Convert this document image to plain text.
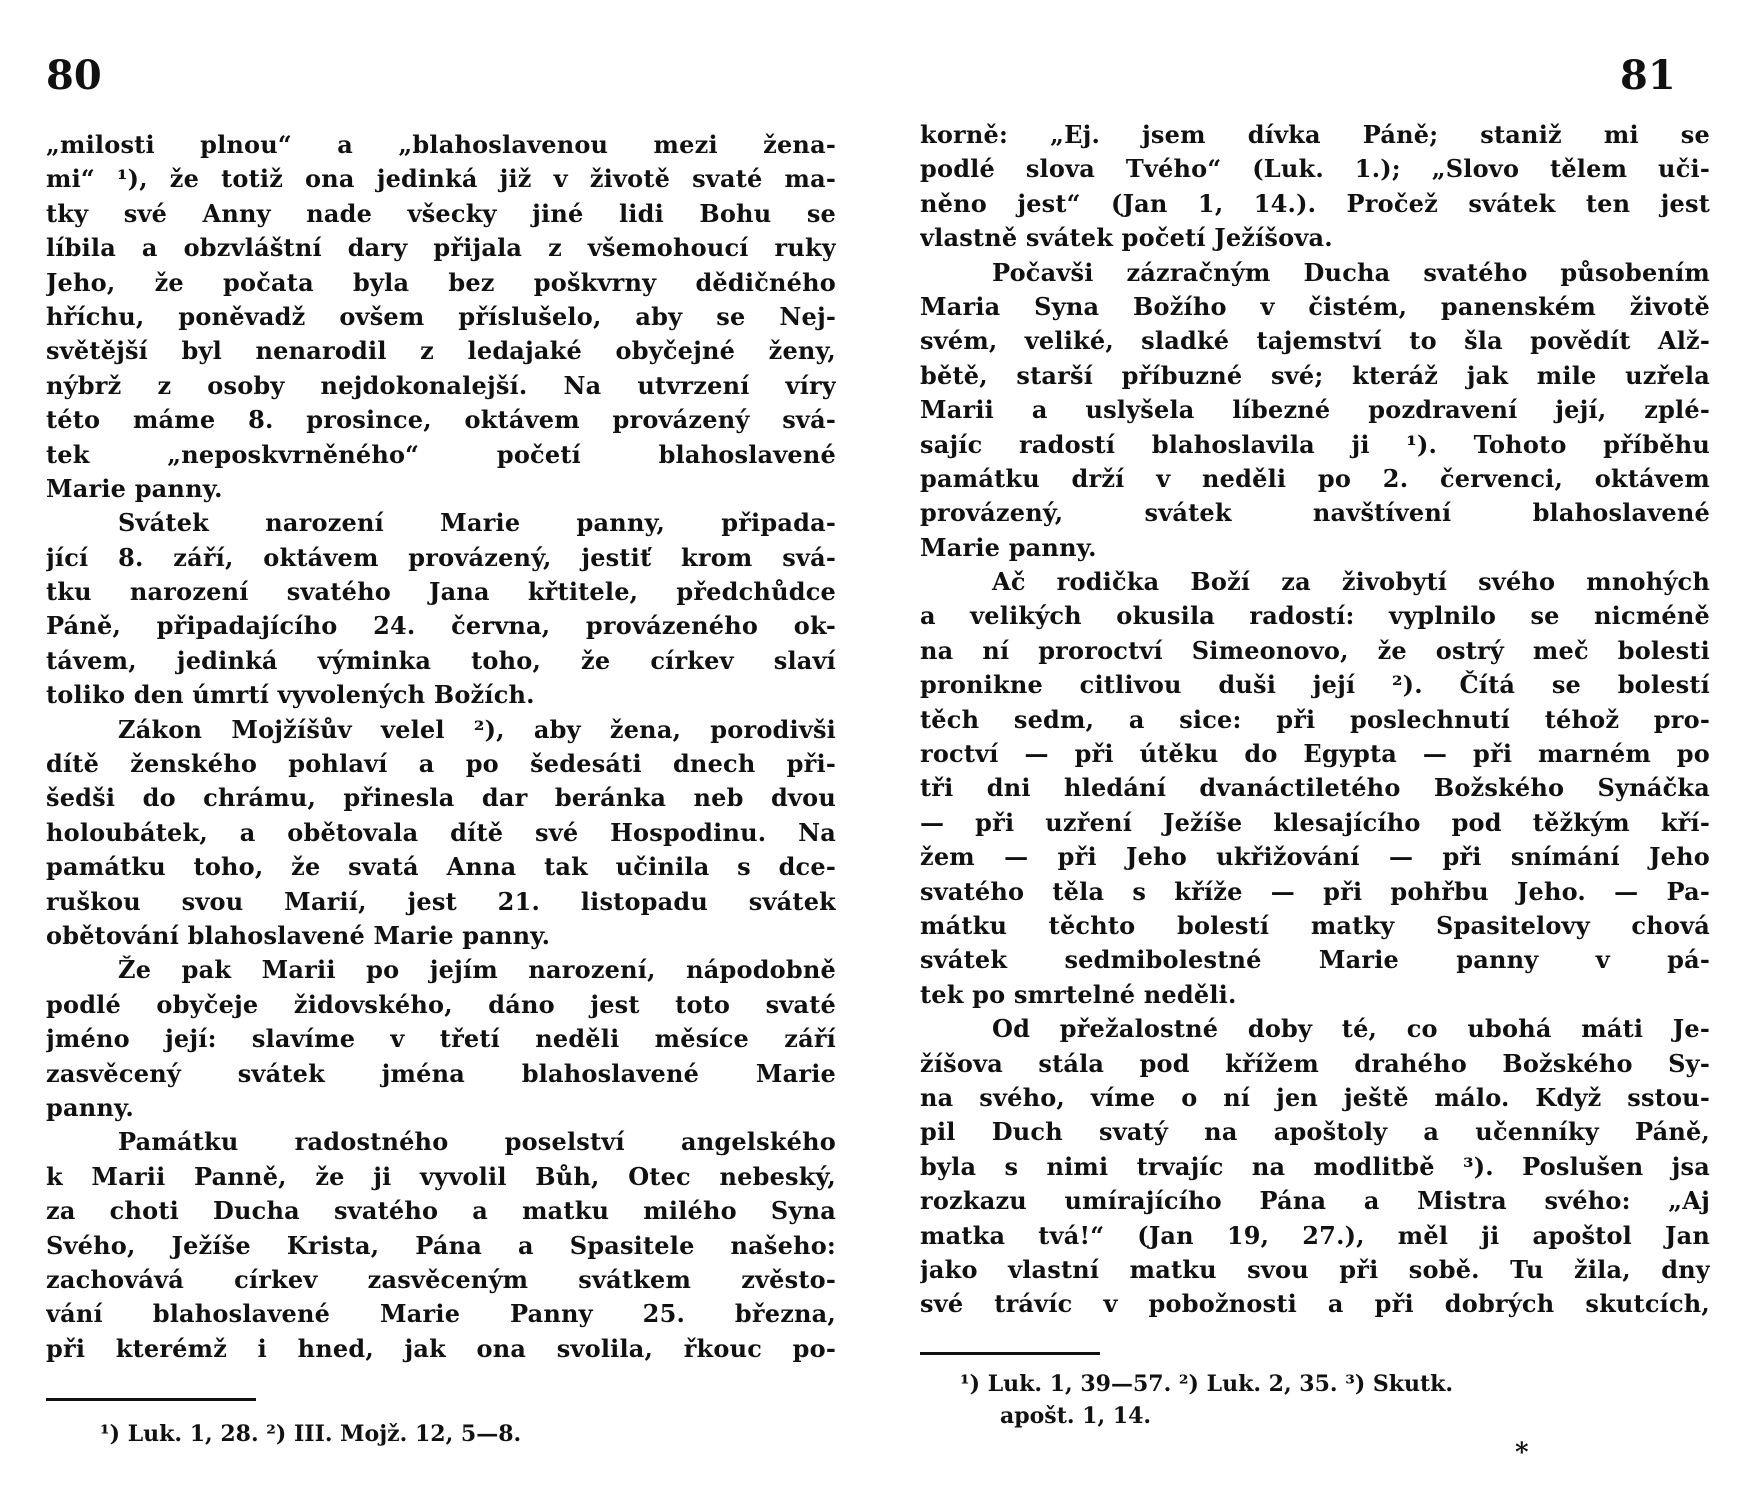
80	81
„milosti plnou“ a „blahoslavenou mezi žena-
mi“ ¹), že totiž ona jedinká již v životě svaté ma-
tky své Anny nade všecky jiné lidi Bohu se
líbila a obzvláštní dary přijala z všemohoucí ruky
Jeho, že počata byla bez poškvrny dědičného
hříchu, poněvadž ovšem příslušelo, aby se Nej-
světější byl nenarodil z ledajaké obyčejné ženy,
nýbrž z osoby nejdokonalejší. Na utvrzení víry
této máme 8. prosince, oktávem provázený svá-
tek „neposkvrněného“ početí blahoslavené
Marie panny.
Svátek narození Marie panny, připada-
jící 8. září, oktávem provázený, jestiť krom svá-
tku narození svatého Jana křtitele, předchůdce
Páně, připadajícího 24. června, provázeného ok-
távem, jedinká výminka toho, že církev slaví
toliko den úmrtí vyvolených Božích.
Zákon Mojžíšův velel ²), aby žena, porodivši
dítě ženského pohlaví a po šedesáti dnech při-
šedši do chrámu, přinesla dar beránka neb dvou
holoubátek, a obětovala dítě své Hospodinu. Na
památku toho, že svatá Anna tak učinila s dce-
ruškou svou Marií, jest 21. listopadu svátek
obětování blahoslavené Marie panny.
Že pak Marii po jejím narození, nápodobně
podlé obyčeje židovského, dáno jest toto svaté
jméno její: slavíme v třetí neděli měsíce září
zasvěcený svátek jména blahoslavené Marie
panny.
Památku radostného poselství angelského
k Marii Panně, že ji vyvolil Bůh, Otec nebeský,
za choti Ducha svatého a matku milého Syna
Svého, Ježíše Krista, Pána a Spasitele našeho:
zachovává církev zasvěceným svátkem zvěsto-
vání blahoslavené Marie Panny 25. března,
při kterémž i hned, jak ona svolila, řkouc po-
korně: „Ej. jsem dívka Páně; staniž mi se
podlé slova Tvého“ (Luk. 1.); „Slovo tělem uči-
něno jest“ (Jan 1, 14.). Pročež svátek ten jest
vlastně svátek početí Ježíšova.
Počavši zázračným Ducha svatého působením
Maria Syna Božího v čistém, panenském životě
svém, veliké, sladké tajemství to šla povědít Alž-
bětě, starší příbuzné své; kteráž jak mile uzřela
Marii a uslyšela líbezné pozdravení její, zplé-
sajíc radostí blahoslavila ji ¹). Tohoto příběhu
památku drží v neděli po 2. červenci, oktávem
provázený, svátek navštívení blahoslavené
Marie panny.
Ač rodička Boží za živobytí svého mnohých
a velikých okusila radostí: vyplnilo se nicméně
na ní proroctví Simeonovo, že ostrý meč bolesti
pronikne citlivou duši její ²). Čítá se bolestí
těch sedm, a sice: při poslechnutí téhož pro-
roctví — při útěku do Egypta — při marném po
tři dni hledání dvanáctiletého Božského Synáčka
— při uzření Ježíše klesajícího pod těžkým kří-
žem — při Jeho ukřižování — při snímání Jeho
svatého těla s kříže — při pohřbu Jeho. — Pa-
mátku těchto bolestí matky Spasitelovy chová
svátek sedmibolestné Marie panny v pá-
tek po smrtelné neděli.
Od přežalostné doby té, co ubohá máti Je-
žíšova stála pod křížem drahého Božského Sy-
na svého, víme o ní jen ještě málo. Když sstou-
pil Duch svatý na apoštoly a učenníky Páně,
byla s nimi trvajíc na modlitbě ³). Poslušen jsa
rozkazu umírajícího Pána a Mistra svého: „Aj
matka tvá!“ (Jan 19, 27.), měl ji apoštol Jan
jako vlastní matku svou při sobě. Tu žila, dny
své trávíc v pobožnosti a při dobrých skutcích,
¹) Luk. 1, 28. ²) III. Mojž. 12, 5—8.
¹) Luk. 1, 39—57. ²) Luk. 2, 35. ³) Skutk.
apošt. 1, 14.
*
